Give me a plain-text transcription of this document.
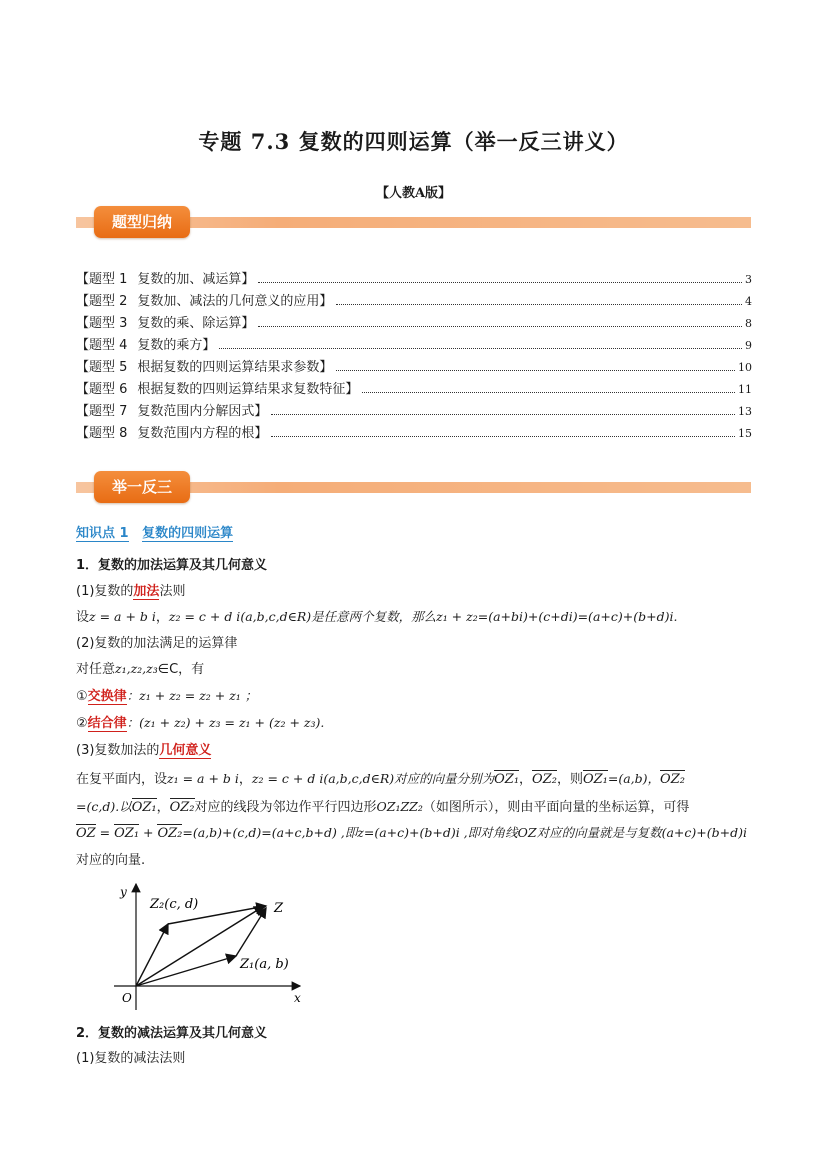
专题 7.3 复数的四则运算（举一反三讲义）
【人教A版】
题型归纳
【题型 1 复数的加、减运算】	3
【题型 2 复数加、减法的几何意义的应用】	4
【题型 3 复数的乘、除运算】	8
【题型 4 复数的乘方】	9
【题型 5 根据复数的四则运算结果求参数】	10
【题型 6 根据复数的四则运算结果求复数特征】	11
【题型 7 复数范围内分解因式】	13
【题型 8 复数范围内方程的根】	15
举一反三
知识点 1 复数的四则运算
1．复数的加法运算及其几何意义
(1)复数的加法法则
设z = a + b i，z₂ = c + d i(a,b,c,d∈R)是任意两个复数，那么z₁ + z₂=(a+bi)+(c+di)=(a+c)+(b+d)i.
(2)复数的加法满足的运算律
对任意z₁,z₂,z₃∈C，有
①交换律：z₁ + z₂ = z₂ + z₁ ；
②结合律：(z₁ + z₂) + z₃ = z₁ + (z₂ + z₃).
(3)复数加法的几何意义
在复平面内，设z₁ = a + b i，z₂ = c + d i(a,b,c,d∈R)对应的向量分别为OZ₁，OZ₂，则OZ₁=(a,b)，OZ₂
=(c,d).以OZ₁，OZ₂对应的线段为邻边作平行四边形OZ₁ZZ₂（如图所示），则由平面向量的坐标运算，可得
OZ = OZ₁ + OZ₂=(a,b)+(c,d)=(a+c,b+d) ,即z=(a+c)+(b+d)i ,即对角线OZ对应的向量就是与复数(a+c)+(b+d)i
对应的向量.
2．复数的减法运算及其几何意义
(1)复数的减法法则
y
x
O
Z₂(c, d)	Z
Z₁(a, b)
